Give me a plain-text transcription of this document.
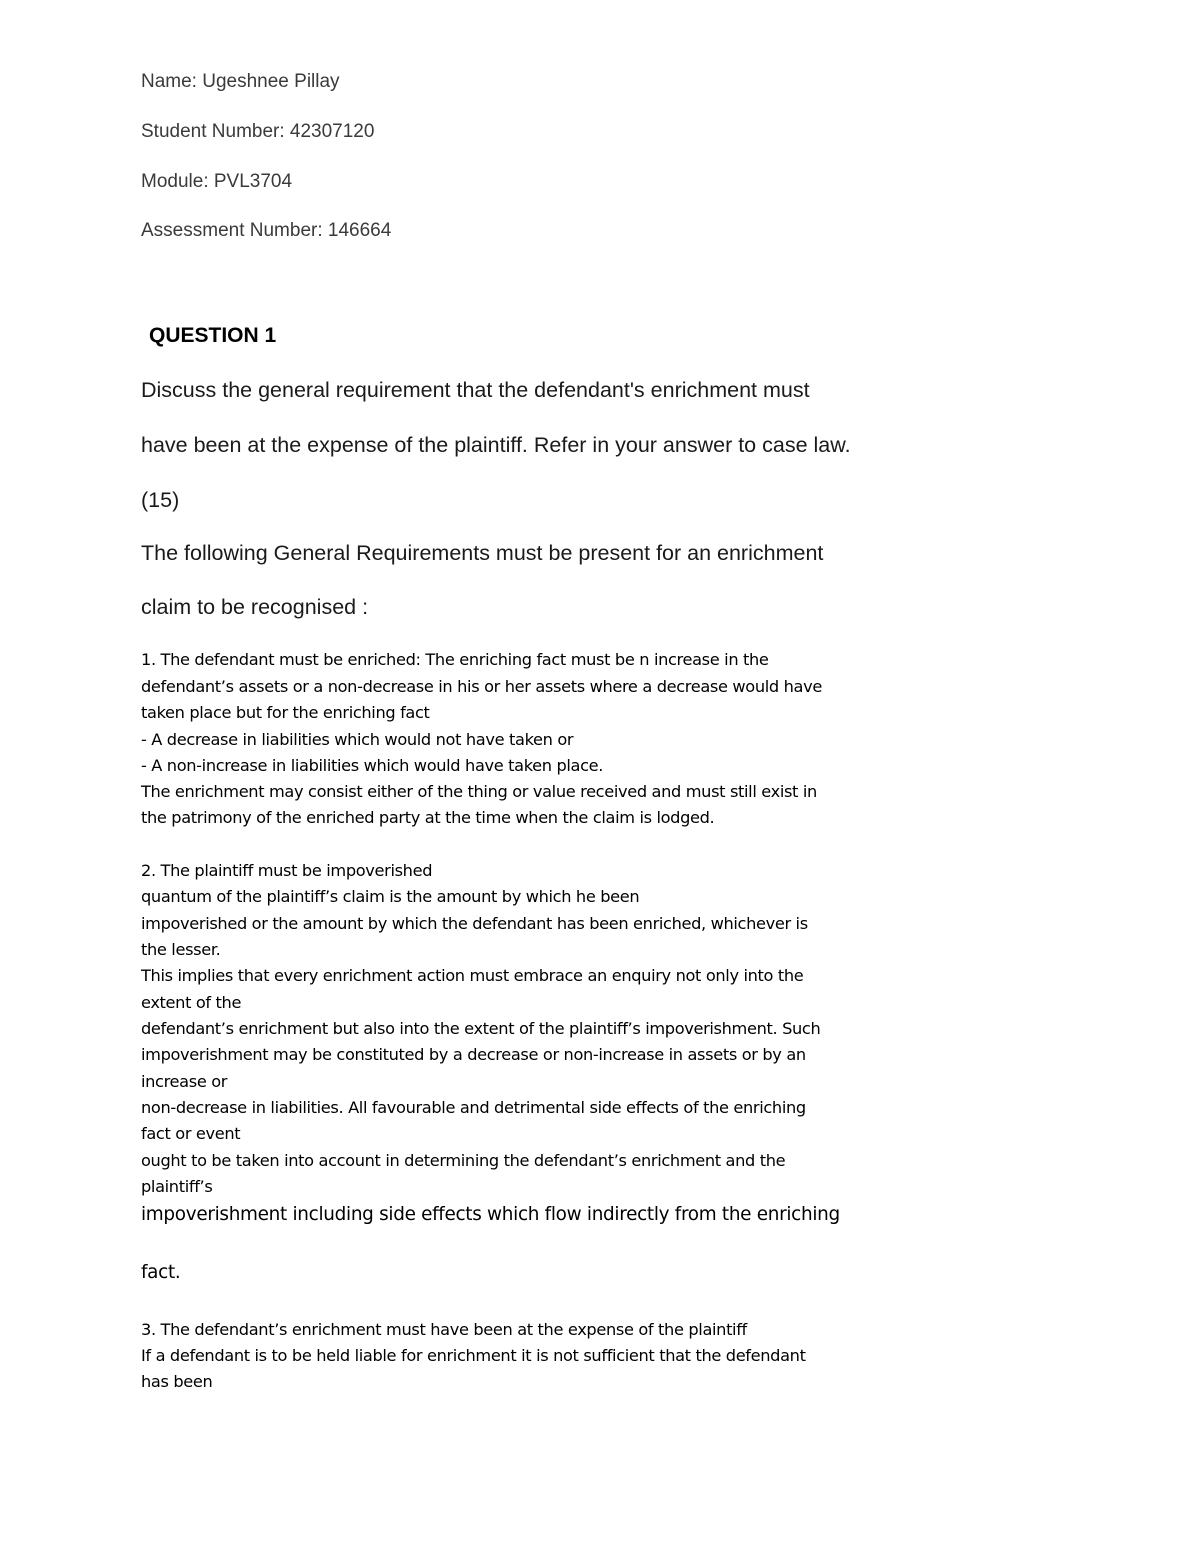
Name: Ugeshnee Pillay
Student Number: 42307120
Module: PVL3704
Assessment Number: 146664
QUESTION 1
Discuss the general requirement that the defendant's enrichment must
have been at the expense of the plaintiff. Refer in your answer to case law.
(15)
The following General Requirements must be present for an enrichment
claim to be recognised :
1. The defendant must be enriched: The enriching fact must be n increase in the
defendant’s assets or a non-decrease in his or her assets where a decrease would have
taken place but for the enriching fact
- A decrease in liabilities which would not have taken or
- A non-increase in liabilities which would have taken place.
The enrichment may consist either of the thing or value received and must still exist in
the patrimony of the enriched party at the time when the claim is lodged.
2. The plaintiff must be impoverished
quantum of the plaintiff’s claim is the amount by which he been
impoverished or the amount by which the defendant has been enriched, whichever is
the lesser.
This implies that every enrichment action must embrace an enquiry not only into the
extent of the
defendant’s enrichment but also into the extent of the plaintiff’s impoverishment. Such
impoverishment may be constituted by a decrease or non-increase in assets or by an
increase or
non-decrease in liabilities. All favourable and detrimental side effects of the enriching
fact or event
ought to be taken into account in determining the defendant’s enrichment and the
plaintiff’s
impoverishment including side effects which flow indirectly from the enriching
fact.
3. The defendant’s enrichment must have been at the expense of the plaintiff
If a defendant is to be held liable for enrichment it is not sufficient that the defendant
has been
